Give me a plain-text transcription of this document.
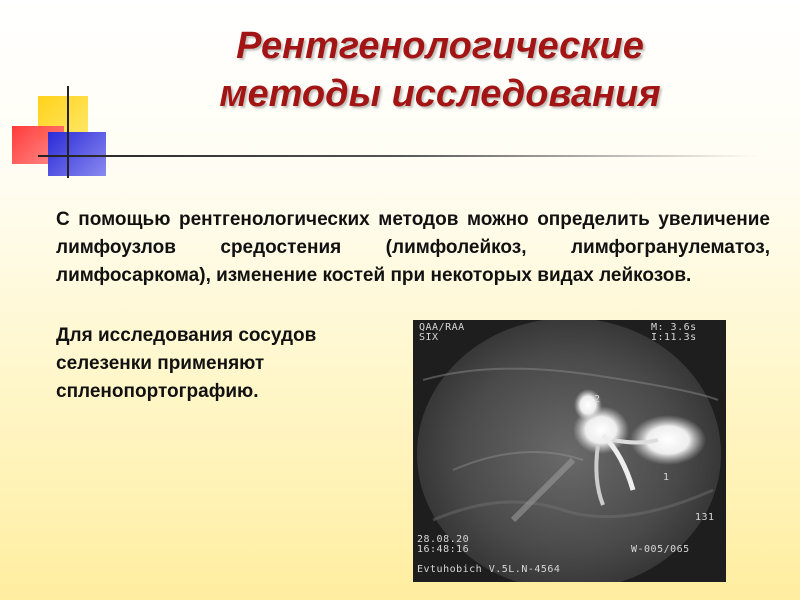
Рентгенологические
методы исследования
С помощью рентгенологических методов можно определить увеличение лимфоузлов средостения (лимфолейкоз, лимфогранулематоз, лимфосаркома), изменение костей при некоторых видах лейкозов.
Для исследования сосудов
селезенки применяют
спленопортографию.
QAA/RAA
SIX
M: 3.6s
I:11.3s
2
1
131
28.08.20
16:48:16	W-005/065
Evtuhobich V.5L.N-4564
